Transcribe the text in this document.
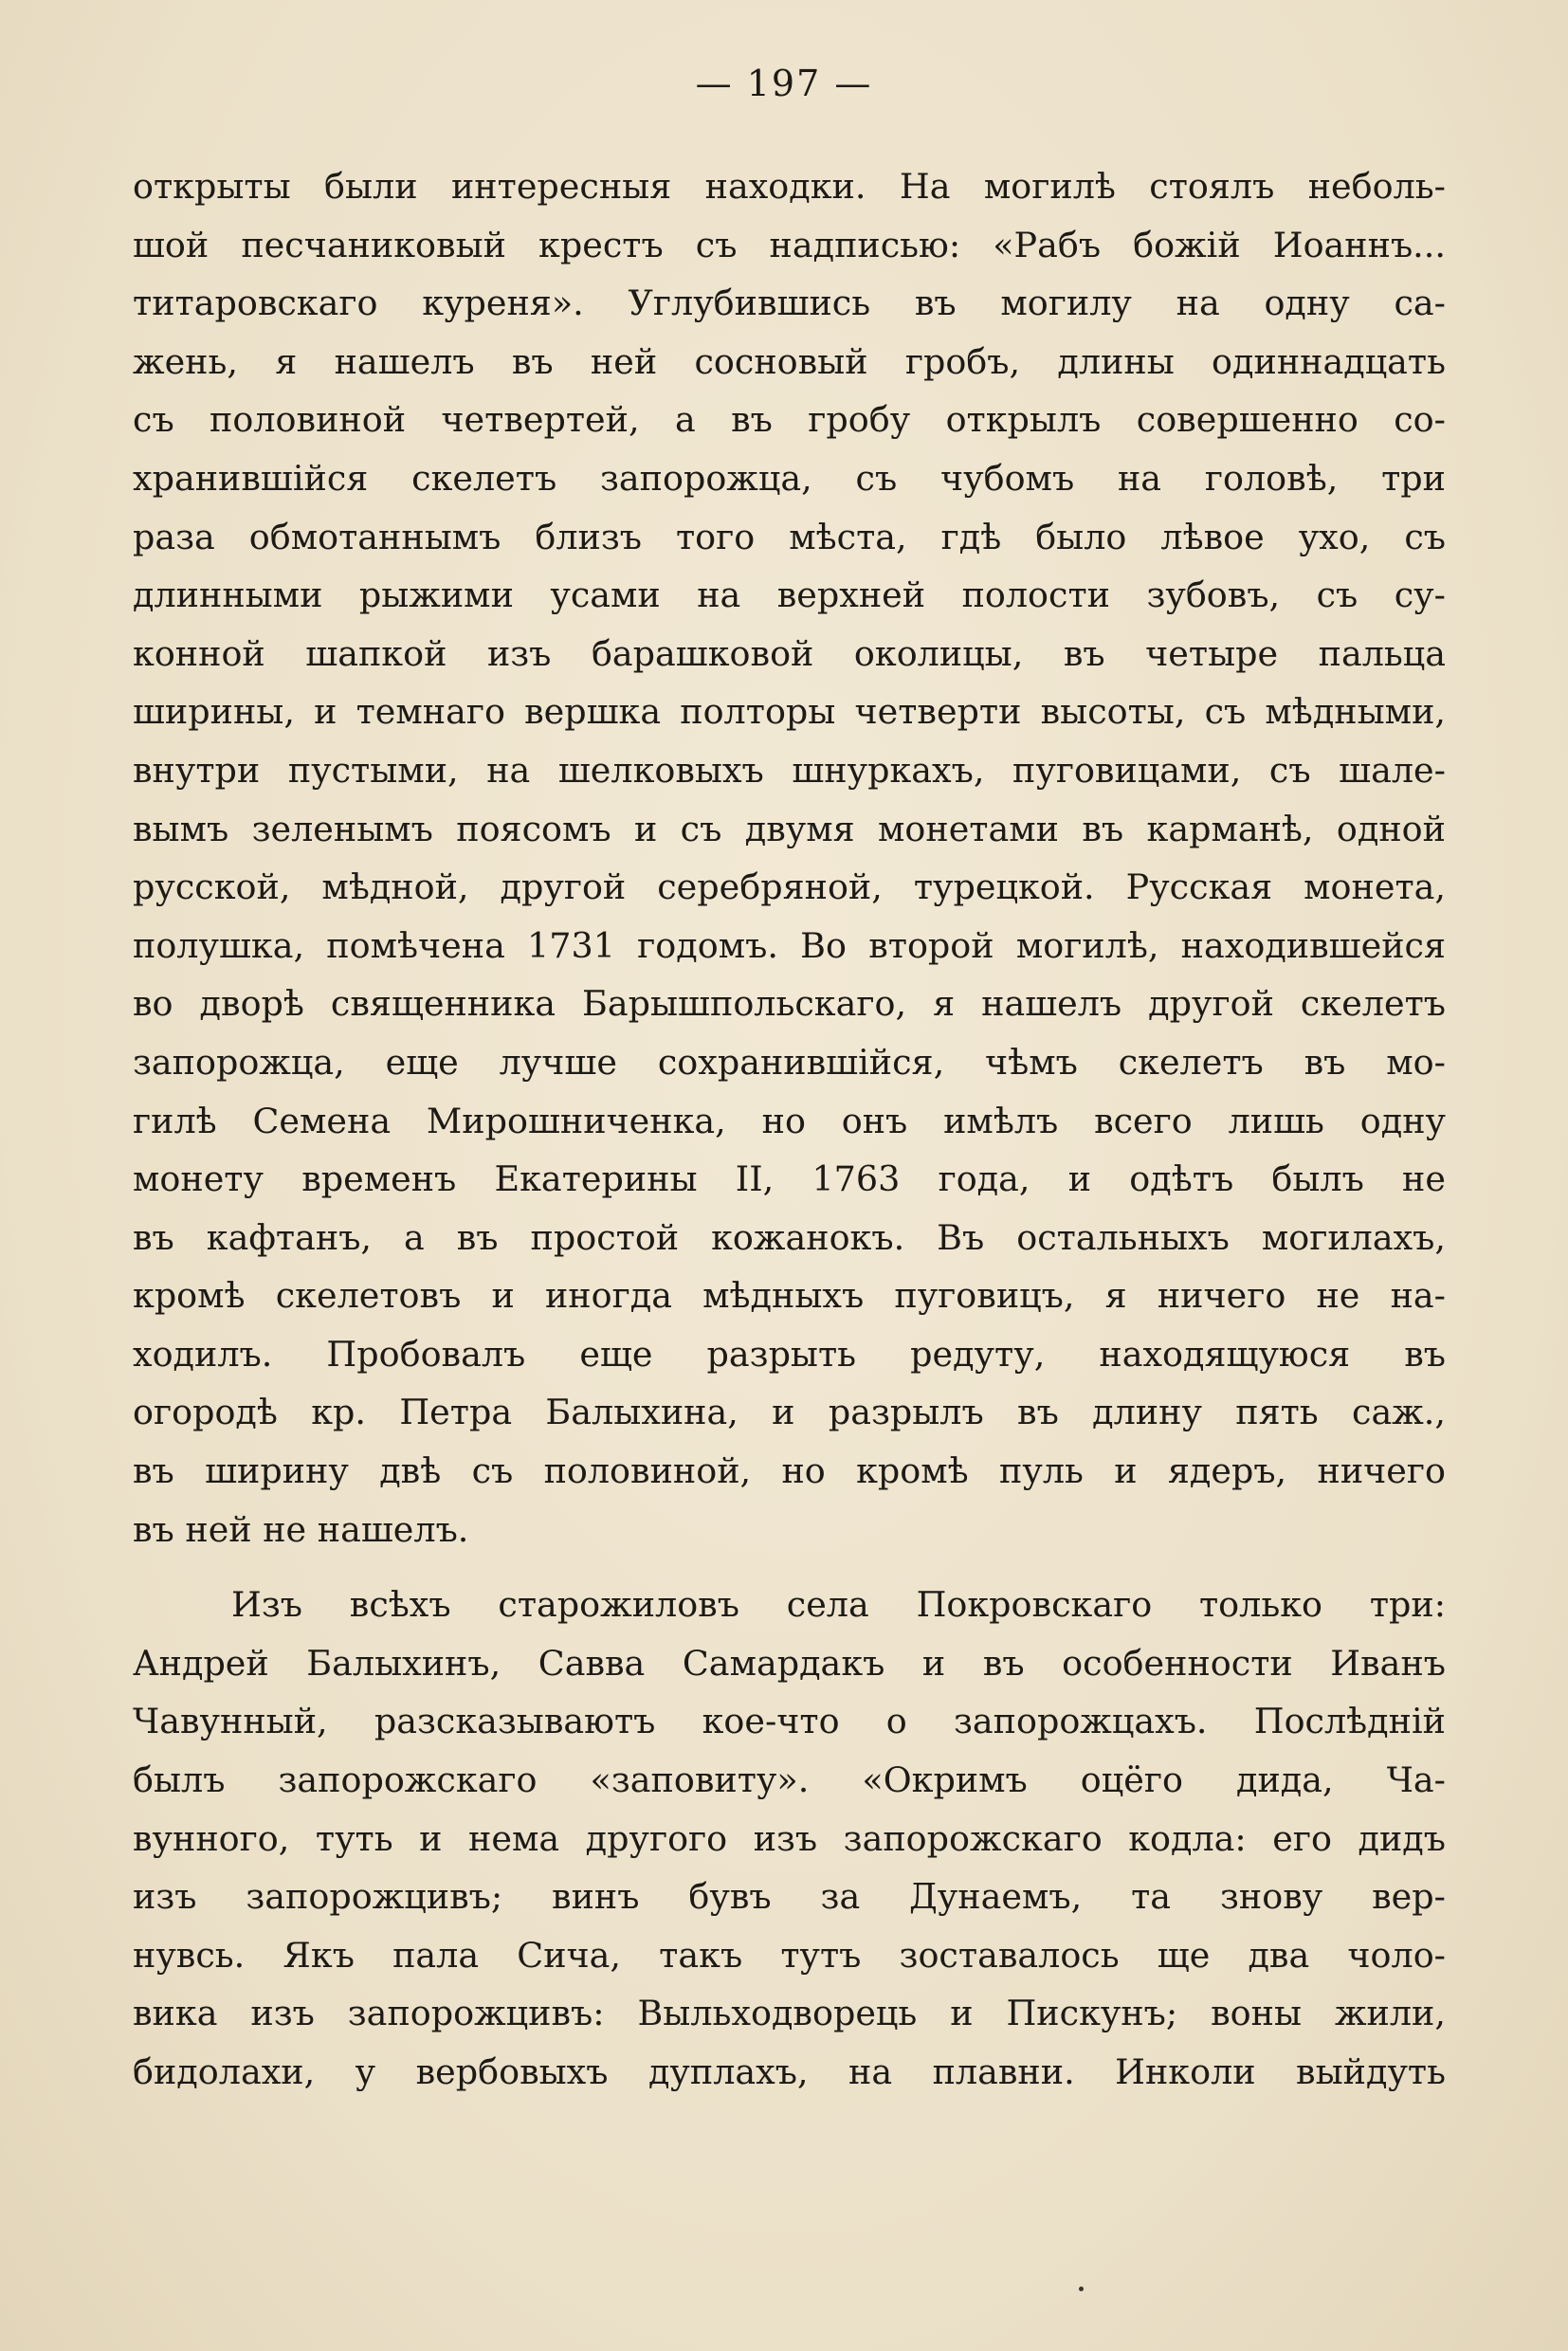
— 197 —
открыты были интересныя находки. На могилѣ стоялъ неболь-
шой песчаниковый крестъ съ надписью: «Рабъ божій Иоаннъ...
титаровскаго куреня». Углубившись въ могилу на одну са-
жень, я нашелъ въ ней сосновый гробъ, длины одиннадцать
съ половиной четвертей, а въ гробу открылъ совершенно со-
хранившійся скелетъ запорожца, съ чубомъ на головѣ, три
раза обмотаннымъ близъ того мѣста, гдѣ было лѣвое ухо, съ
длинными рыжими усами на верхней полости зубовъ, съ су-
конной шапкой изъ барашковой околицы, въ четыре пальца
ширины, и темнаго вершка полторы четверти высоты, съ мѣдными,
внутри пустыми, на шелковыхъ шнуркахъ, пуговицами, съ шале-
вымъ зеленымъ поясомъ и съ двумя монетами въ карманѣ, одной
русской, мѣдной, другой серебряной, турецкой. Русская монета,
полушка, помѣчена 1731 годомъ. Во второй могилѣ, находившейся
во дворѣ священника Барышпольскаго, я нашелъ другой скелетъ
запорожца, еще лучше сохранившійся, чѣмъ скелетъ въ мо-
гилѣ Семена Мирошниченка, но онъ имѣлъ всего лишь одну
монету временъ Екатерины II, 1763 года, и одѣтъ былъ не
въ кафтанъ, а въ простой кожанокъ. Въ остальныхъ могилахъ,
кромѣ скелетовъ и иногда мѣдныхъ пуговицъ, я ничего не на-
ходилъ. Пробовалъ еще разрыть редуту, находящуюся въ
огородѣ кр. Петра Балыхина, и разрылъ въ длину пять саж.,
въ ширину двѣ съ половиной, но кромѣ пуль и ядеръ, ничего
въ ней не нашелъ.
Изъ всѣхъ старожиловъ села Покровскаго только три:
Андрей Балыхинъ, Савва Самардакъ и въ особенности Иванъ
Чавунный, разсказываютъ кое-что о запорожцахъ. Послѣдній
былъ запорожскаго «заповиту». «Окримъ оцёго дида, Ча-
вунного, туть и нема другого изъ запорожскаго кодла: его дидъ
изъ запорожцивъ; винъ бувъ за Дунаемъ, та знову вер-
нувсь. Якъ пала Сича, такъ тутъ зоставалось ще два чоло-
вика изъ запорожцивъ: Выльходворець и Пискунъ; воны жили,
бидолахи, у вербовыхъ дуплахъ, на плавни. Инколи выйдуть
